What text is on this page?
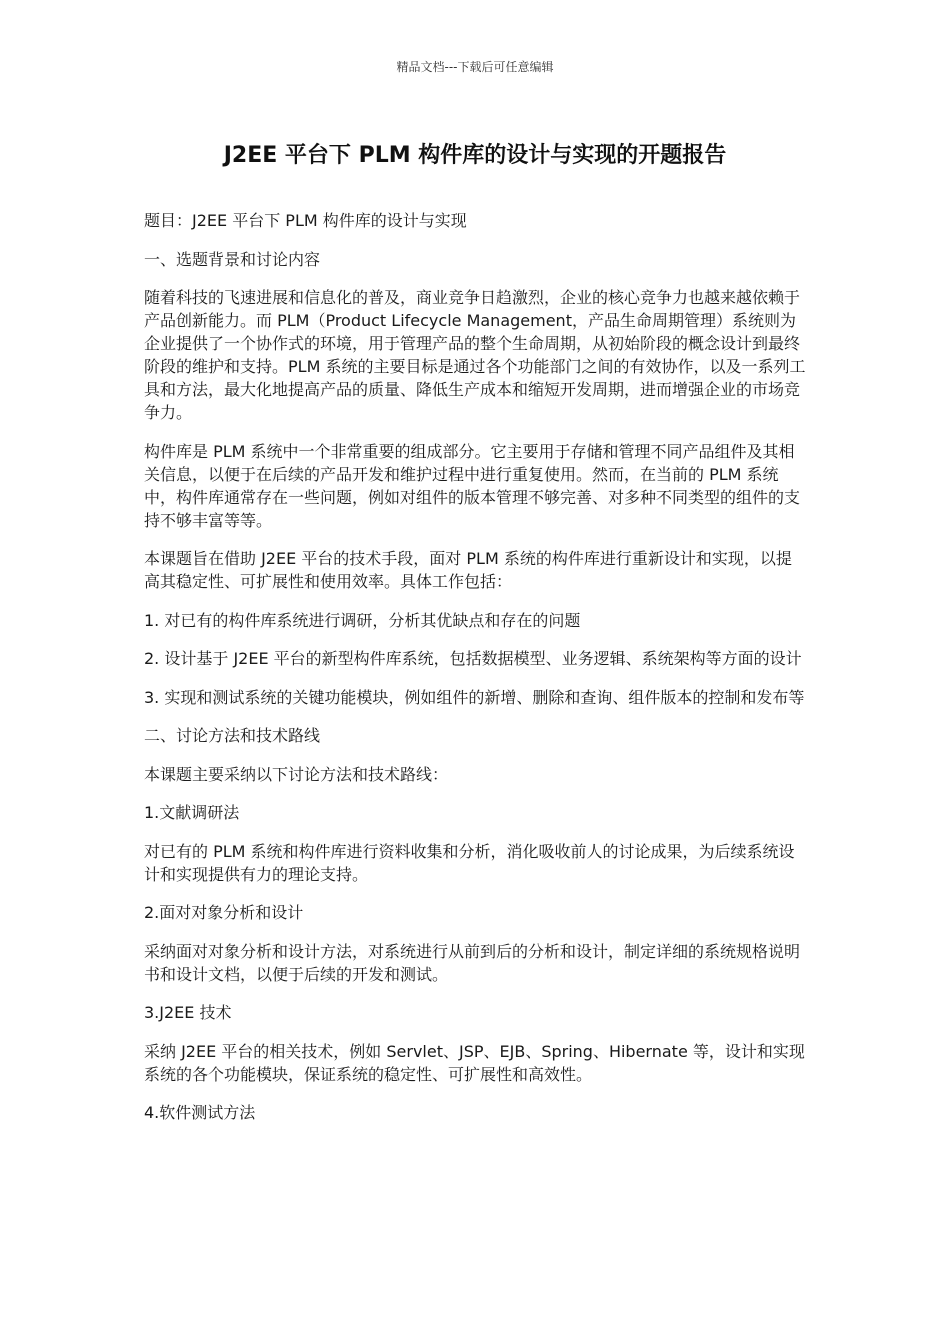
精品文档---下载后可任意编辑
J2EE 平台下 PLM 构件库的设计与实现的开题报告

题目：J2EE 平台下 PLM 构件库的设计与实现

一、选题背景和讨论内容

随着科技的飞速进展和信息化的普及，商业竞争日趋激烈，企业的核心竞争力也越来越依赖于产品创新能力。而 PLM（Product Lifecycle Management，产品生命周期管理）系统则为企业提供了一个协作式的环境，用于管理产品的整个生命周期，从初始阶段的概念设计到最终阶段的维护和支持。PLM 系统的主要目标是通过各个功能部门之间的有效协作，以及一系列工具和方法，最大化地提高产品的质量、降低生产成本和缩短开发周期，进而增强企业的市场竞争力。

构件库是 PLM 系统中一个非常重要的组成部分。它主要用于存储和管理不同产品组件及其相关信息，以便于在后续的产品开发和维护过程中进行重复使用。然而，在当前的 PLM 系统中，构件库通常存在一些问题，例如对组件的版本管理不够完善、对多种不同类型的组件的支持不够丰富等等。

本课题旨在借助 J2EE 平台的技术手段，面对 PLM 系统的构件库进行重新设计和实现，以提高其稳定性、可扩展性和使用效率。具体工作包括：

1. 对已有的构件库系统进行调研，分析其优缺点和存在的问题

2. 设计基于 J2EE 平台的新型构件库系统，包括数据模型、业务逻辑、系统架构等方面的设计

3. 实现和测试系统的关键功能模块，例如组件的新增、删除和查询、组件版本的控制和发布等

二、讨论方法和技术路线

本课题主要采纳以下讨论方法和技术路线：

1.文献调研法

对已有的 PLM 系统和构件库进行资料收集和分析，消化吸收前人的讨论成果，为后续系统设计和实现提供有力的理论支持。

2.面对对象分析和设计

采纳面对对象分析和设计方法，对系统进行从前到后的分析和设计，制定详细的系统规格说明书和设计文档，以便于后续的开发和测试。

3.J2EE 技术

采纳 J2EE 平台的相关技术，例如 Servlet、JSP、EJB、Spring、Hibernate 等，设计和实现系统的各个功能模块，保证系统的稳定性、可扩展性和高效性。

4.软件测试方法
